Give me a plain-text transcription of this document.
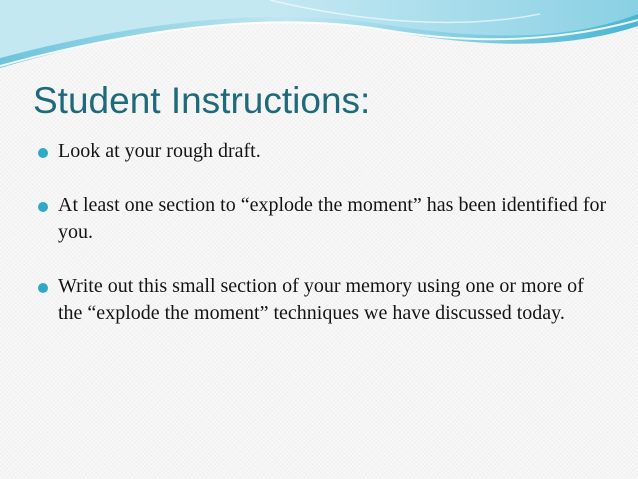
Student Instructions:
Look at your rough draft.
At least one section to “explode the moment” has been identified for you.
Write out this small section of your memory using one or more of the “explode the moment” techniques we have discussed today.
